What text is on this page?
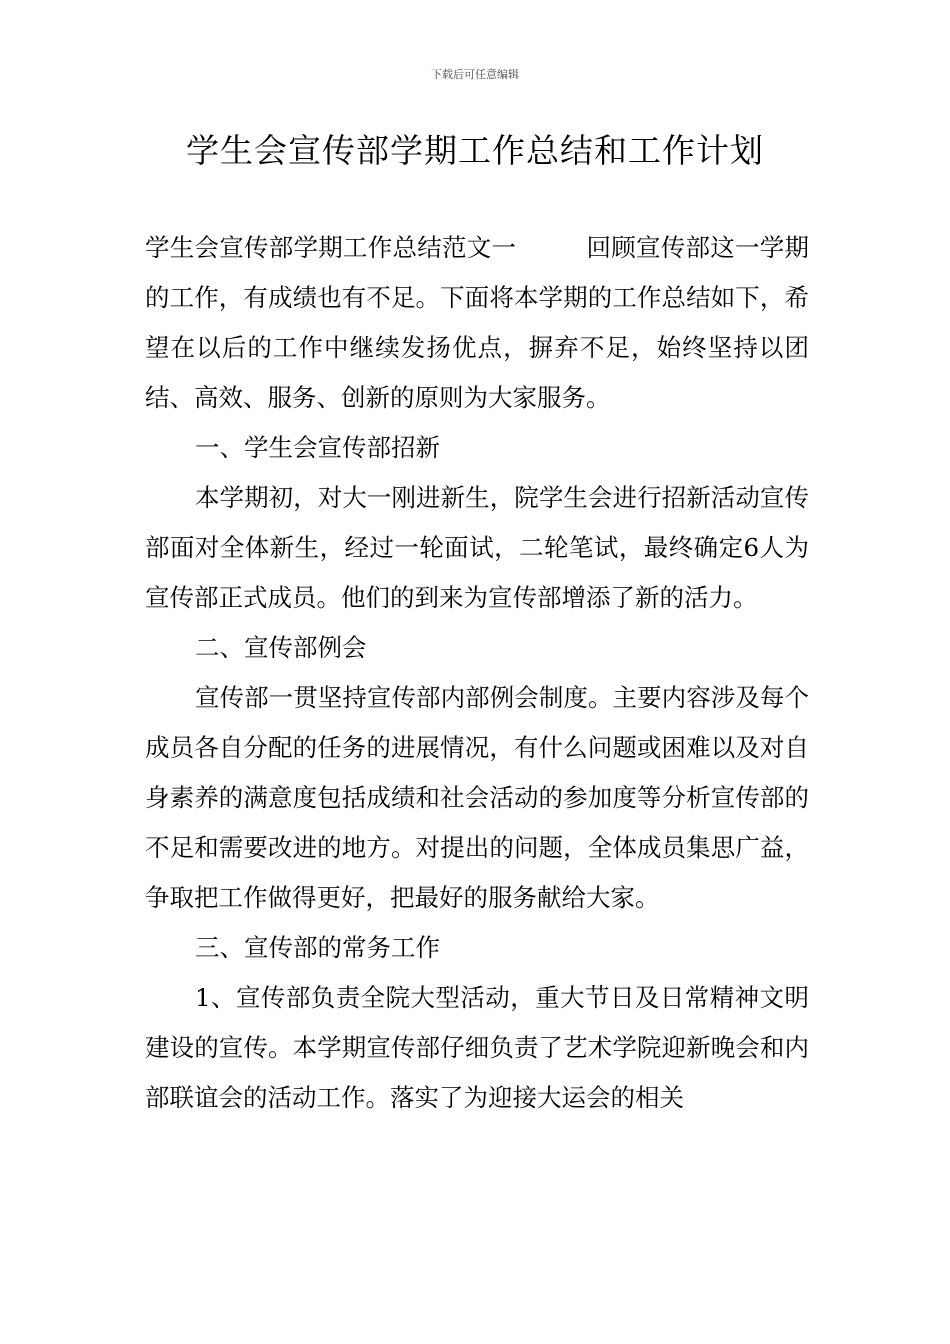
下载后可任意编辑
学生会宣传部学期工作总结和工作计划

学生会宣传部学期工作总结范文一	回顾宣传部这一学期的工作，有成绩也有不足。下面将本学期的工作总结如下，希望在以后的工作中继续发扬优点，摒弃不足，始终坚持以团结、高效、服务、创新的原则为大家服务。

一、学生会宣传部招新

本学期初，对大一刚进新生，院学生会进行招新活动宣传部面对全体新生，经过一轮面试，二轮笔试，最终确定6人为宣传部正式成员。他们的到来为宣传部增添了新的活力。

二、宣传部例会

宣传部一贯坚持宣传部内部例会制度。主要内容涉及每个成员各自分配的任务的进展情况，有什么问题或困难以及对自身素养的满意度包括成绩和社会活动的参加度等分析宣传部的不足和需要改进的地方。对提出的问题，全体成员集思广益，争取把工作做得更好，把最好的服务献给大家。

三、宣传部的常务工作

1、宣传部负责全院大型活动，重大节日及日常精神文明建设的宣传。本学期宣传部仔细负责了艺术学院迎新晚会和内部联谊会的活动工作。落实了为迎接大运会的相关
